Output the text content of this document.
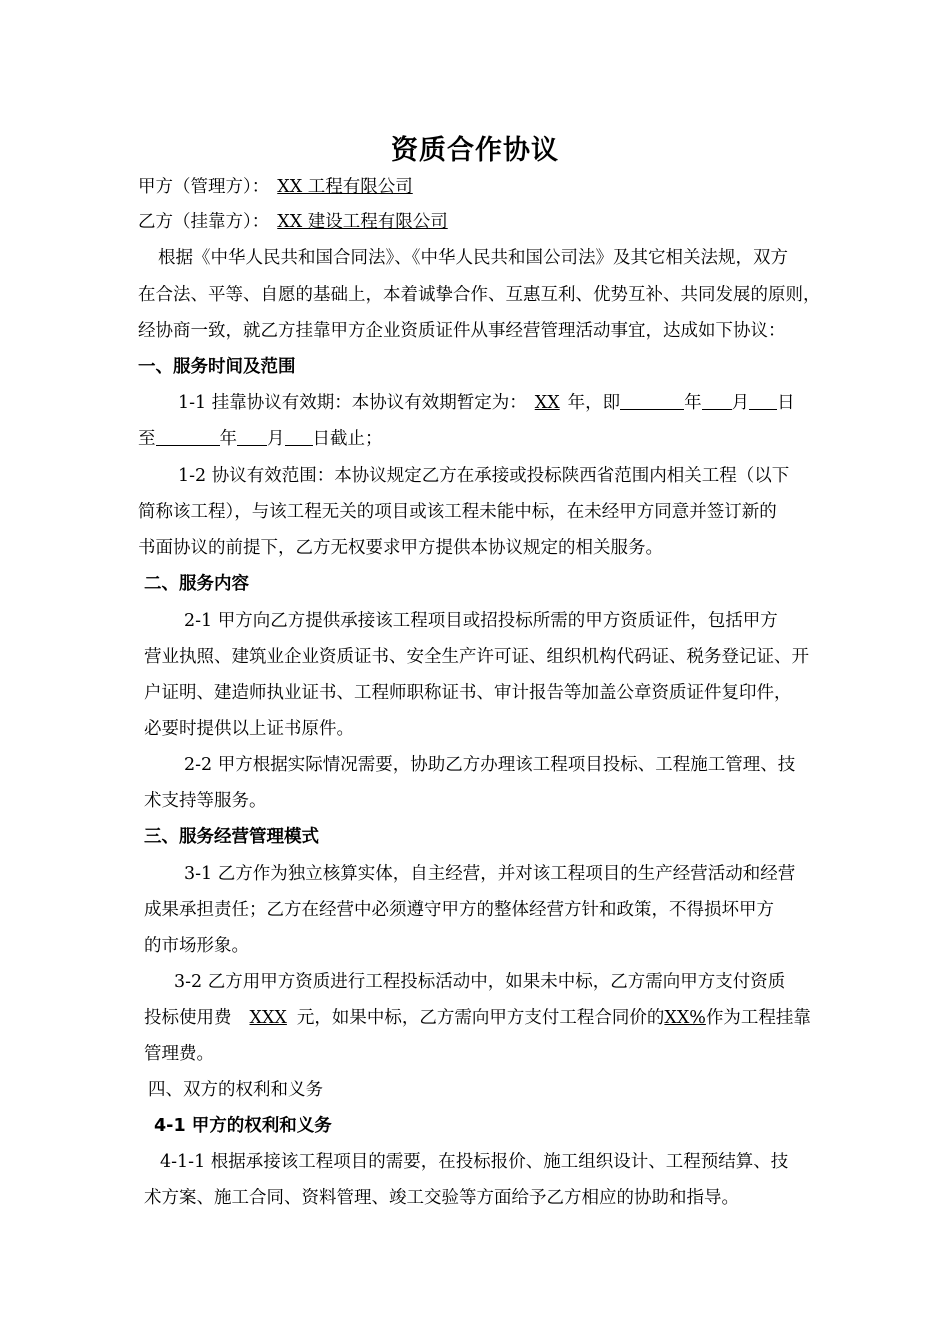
资质合作协议
甲方（管理方）： XX 工程有限公司
乙方（挂靠方）： XX 建设工程有限公司
根据《中华人民共和国合同法》、《中华人民共和国公司法》及其它相关法规，双方
在合法、平等、自愿的基础上，本着诚挚合作、互惠互利、优势互补、共同发展的原则，
经协商一致，就乙方挂靠甲方企业资质证件从事经营管理活动事宜，达成如下协议：
一、服务时间及范围
1-1 挂靠协议有效期：本协议有效期暂定为： XX 年，即	年 月 日
至	年 月 日截止；
1-2 协议有效范围：本协议规定乙方在承接或投标陕西省范围内相关工程（以下
简称该工程），与该工程无关的项目或该工程未能中标，在未经甲方同意并签订新的
书面协议的前提下，乙方无权要求甲方提供本协议规定的相关服务。
二、服务内容
2-1 甲方向乙方提供承接该工程项目或招投标所需的甲方资质证件，包括甲方
营业执照、建筑业企业资质证书、安全生产许可证、组织机构代码证、税务登记证、开
户证明、建造师执业证书、工程师职称证书、审计报告等加盖公章资质证件复印件，
必要时提供以上证书原件。
2-2 甲方根据实际情况需要，协助乙方办理该工程项目投标、工程施工管理、技
术支持等服务。
三、服务经营管理模式
3-1 乙方作为独立核算实体，自主经营，并对该工程项目的生产经营活动和经营
成果承担责任；乙方在经营中必须遵守甲方的整体经营方针和政策，不得损坏甲方
的市场形象。
3-2 乙方用甲方资质进行工程投标活动中，如果未中标，乙方需向甲方支付资质
投标使用费 XXX 元，如果中标，乙方需向甲方支付工程合同价的XX%作为工程挂靠
管理费。
四、双方的权利和义务
4-1 甲方的权利和义务
4-1-1 根据承接该工程项目的需要，在投标报价、施工组织设计、工程预结算、技
术方案、施工合同、资料管理、竣工交验等方面给予乙方相应的协助和指导。
